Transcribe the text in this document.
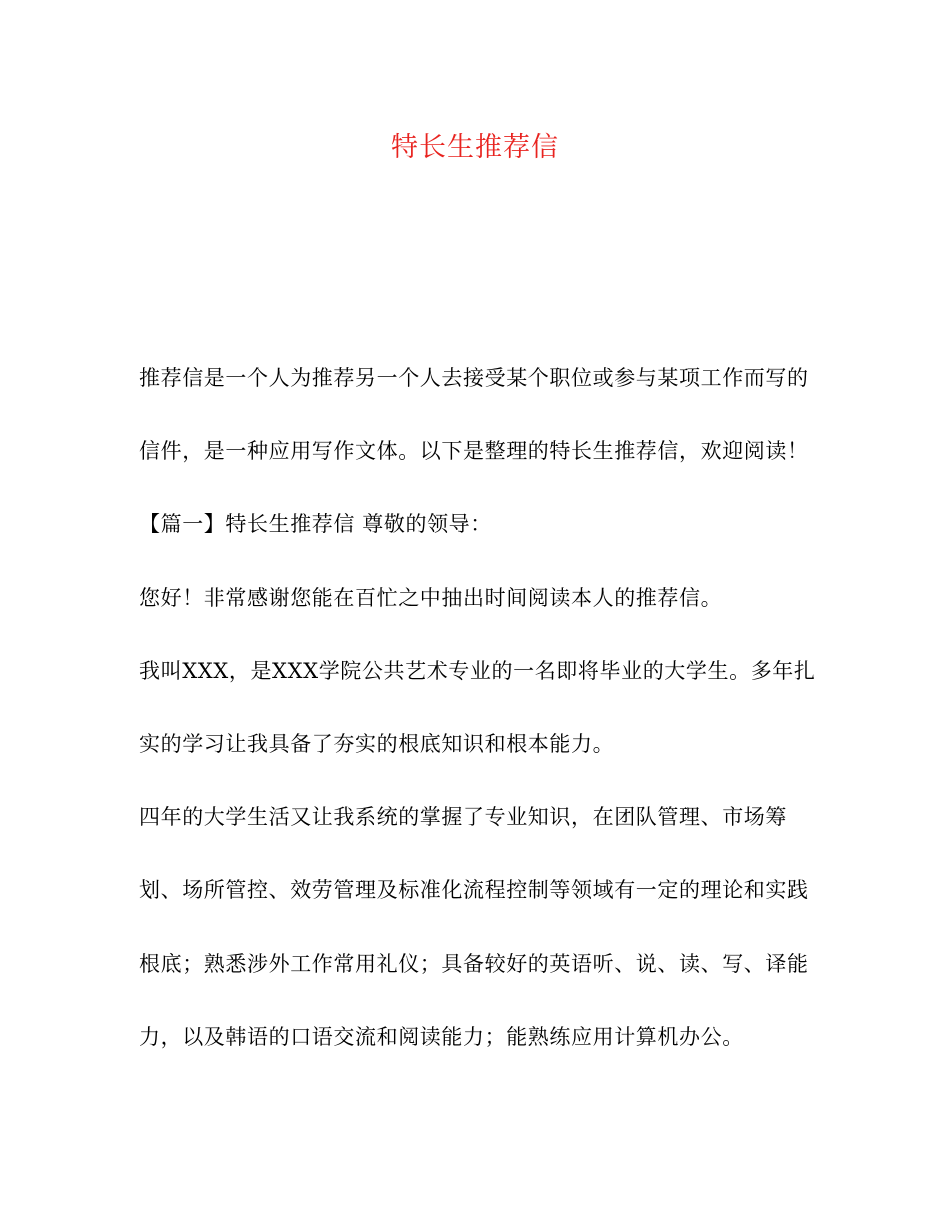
特长生推荐信
推荐信是一个人为推荐另一个人去接受某个职位或参与某项工作而写的
信件，是一种应用写作文体。以下是整理的特长生推荐信，欢迎阅读！
【篇一】特长生推荐信 尊敬的领导：
您好！非常感谢您能在百忙之中抽出时间阅读本人的推荐信。
我叫XXX，是XXX学院公共艺术专业的一名即将毕业的大学生。多年扎
实的学习让我具备了夯实的根底知识和根本能力。
四年的大学生活又让我系统的掌握了专业知识，在团队管理、市场筹
划、场所管控、效劳管理及标准化流程控制等领域有一定的理论和实践
根底；熟悉涉外工作常用礼仪；具备较好的英语听、说、读、写、译能
力，以及韩语的口语交流和阅读能力；能熟练应用计算机办公。
